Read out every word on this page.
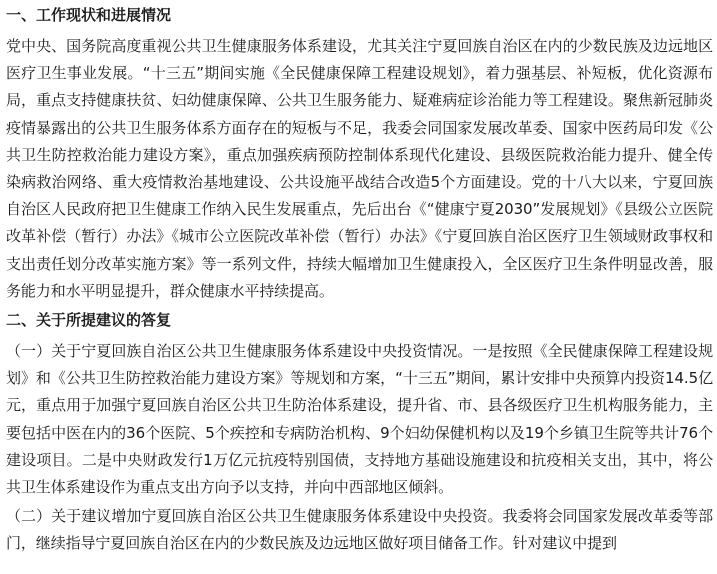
一、工作现状和进展情况

党中央、国务院高度重视公共卫生健康服务体系建设，尤其关注宁夏回族自治区在内的少数民族及边远地区医疗卫生事业发展。“十三五”期间实施《全民健康保障工程建设规划》，着力强基层、补短板，优化资源布局，重点支持健康扶贫、妇幼健康保障、公共卫生服务能力、疑难病症诊治能力等工程建设。聚焦新冠肺炎疫情暴露出的公共卫生服务体系方面存在的短板与不足，我委会同国家发展改革委、国家中医药局印发《公共卫生防控救治能力建设方案》，重点加强疾病预防控制体系现代化建设、县级医院救治能力提升、健全传染病救治网络、重大疫情救治基地建设、公共设施平战结合改造5个方面建设。党的十八大以来，宁夏回族自治区人民政府把卫生健康工作纳入民生发展重点，先后出台《“健康宁夏2030”发展规划》《县级公立医院改革补偿（暂行）办法》《城市公立医院改革补偿（暂行）办法》《宁夏回族自治区医疗卫生领域财政事权和支出责任划分改革实施方案》等一系列文件，持续大幅增加卫生健康投入，全区医疗卫生条件明显改善，服务能力和水平明显提升，群众健康水平持续提高。

二、关于所提建议的答复

（一）关于宁夏回族自治区公共卫生健康服务体系建设中央投资情况。一是按照《全民健康保障工程建设规划》和《公共卫生防控救治能力建设方案》等规划和方案，“十三五”期间，累计安排中央预算内投资14.5亿元，重点用于加强宁夏回族自治区公共卫生防治体系建设，提升省、市、县各级医疗卫生机构服务能力，主要包括中医在内的36个医院、5个疾控和专病防治机构、9个妇幼保健机构以及19个乡镇卫生院等共计76个建设项目。二是中央财政发行1万亿元抗疫特别国债，支持地方基础设施建设和抗疫相关支出，其中，将公共卫生体系建设作为重点支出方向予以支持，并向中西部地区倾斜。

（二）关于建议增加宁夏回族自治区公共卫生健康服务体系建设中央投资。我委将会同国家发展改革委等部门，继续指导宁夏回族自治区在内的少数民族及边远地区做好项目储备工作。针对建议中提到
